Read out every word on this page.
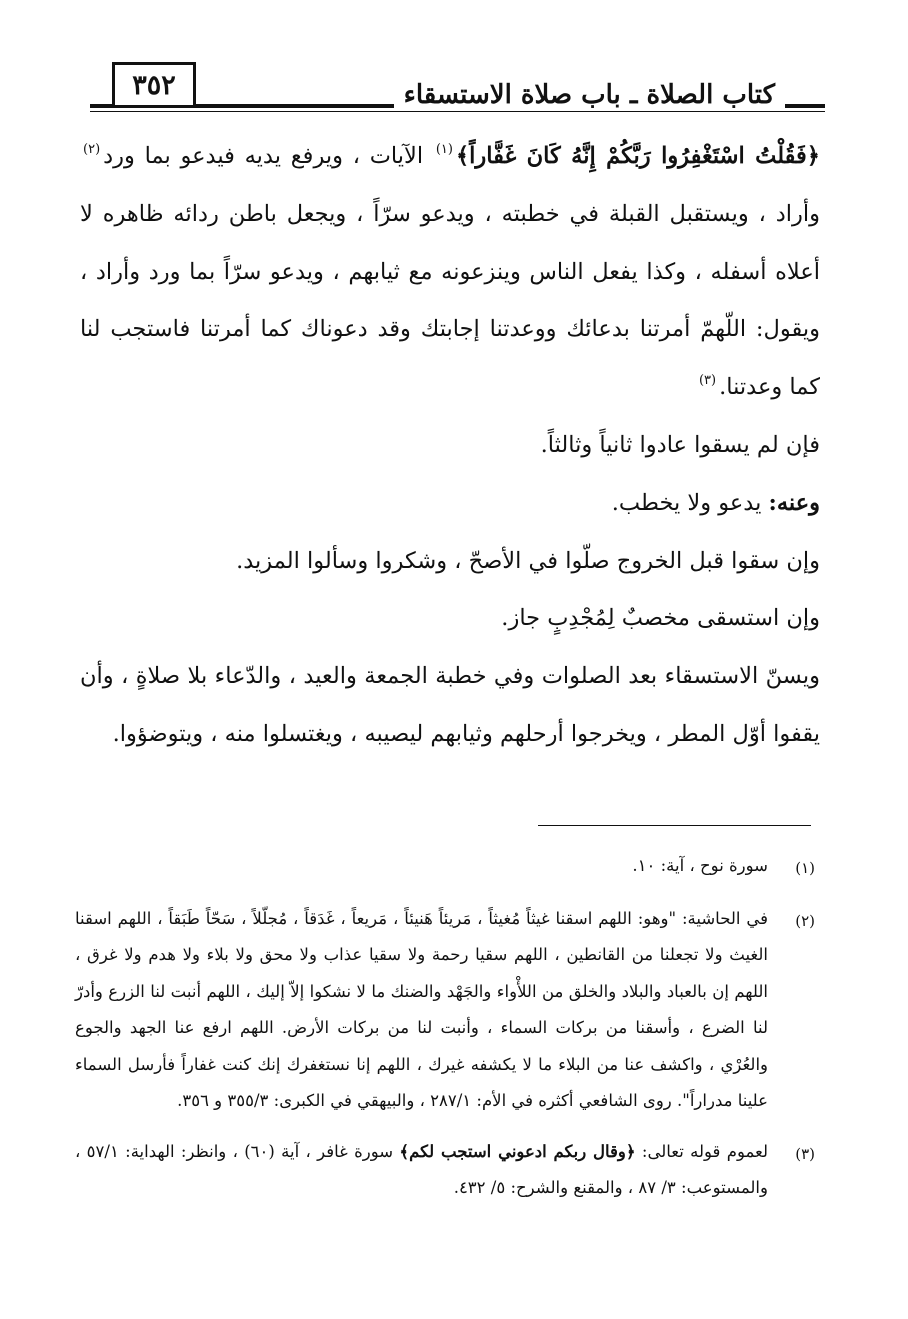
٣٥٢	كتاب الصلاة ـ باب صلاة الاستسقاء

﴿فَقُلْتُ اسْتَغْفِرُوا رَبَّكُمْ إِنَّهُ كَانَ غَفَّاراً﴾$^{(١)}$ الآيات ، ويرفع يديه فيدعو بما ورد$^{(٢)}$ وأراد ، ويستقبل القبلة في خطبته ، ويدعو سرّاً ، ويجعل باطن ردائه ظاهره لا أعلاه أسفله ، وكذا يفعل الناس وينزعونه مع ثيابهم ، ويدعو سرّاً بما ورد وأراد ، ويقول: اللّهمّ أمرتنا بدعائك ووعدتنا إجابتك وقد دعوناك كما أمرتنا فاستجب لنا كما وعدتنا.$^{(٣)}$

فإن لم يسقوا عادوا ثانياً وثالثاً.

وعنه: يدعو ولا يخطب.

وإن سقوا قبل الخروج صلّوا في الأصحّ ، وشكروا وسألوا المزيد.

وإن استسقى مخصبٌ لِمُجْدِبٍ جاز.

ويسنّ الاستسقاء بعد الصلوات وفي خطبة الجمعة والعيد ، والدّعاء بلا صلاةٍ ، وأن يقفوا أوّل المطر ، ويخرجوا أرحلهم وثيابهم ليصيبه ، ويغتسلوا منه ، ويتوضؤوا.

(١)
سورة نوح ، آية: ١٠.
(٢)
في الحاشية: "وهو: اللهم اسقنا غيثاً مُغيثاً ، مَريئاً هَنيئاً ، مَريعاً ، غَدَقاً ، مُجلّلاً ، سَحّاً طَبَقاً ، اللهم اسقنا الغيث ولا تجعلنا من القانطين ، اللهم سقيا رحمة ولا سقيا عذاب ولا محق ولا بلاء ولا هدم ولا غرق ، اللهم إن بالعباد والبلاد والخلق من اللأْواء والجَهْد والضنك ما لا نشكوا إلاّ إليك ، اللهم أنبت لنا الزرع وأدرّ لنا الضرع ، وأسقنا من بركات السماء ، وأنبت لنا من بركات الأرض. اللهم ارفع عنا الجهد والجوع والعُرْي ، واكشف عنا من البلاء ما لا يكشفه غيرك ، اللهم إنا نستغفرك إنك كنت غفاراً فأرسل السماء علينا مدراراً". روى الشافعي أكثره في الأم: ٢٨٧/١ ، والبيهقي في الكبرى: ٣٥٥/٣ و ٣٥٦.
(٣)
لعموم قوله تعالى: ﴿وقال ربكم ادعوني استجب لكم﴾ سورة غافر ، آية (٦٠) ، وانظر: الهداية: ٥٧/١ ، والمستوعب: ٣/ ٨٧ ، والمقنع والشرح: ٥/ ٤٣٢.
